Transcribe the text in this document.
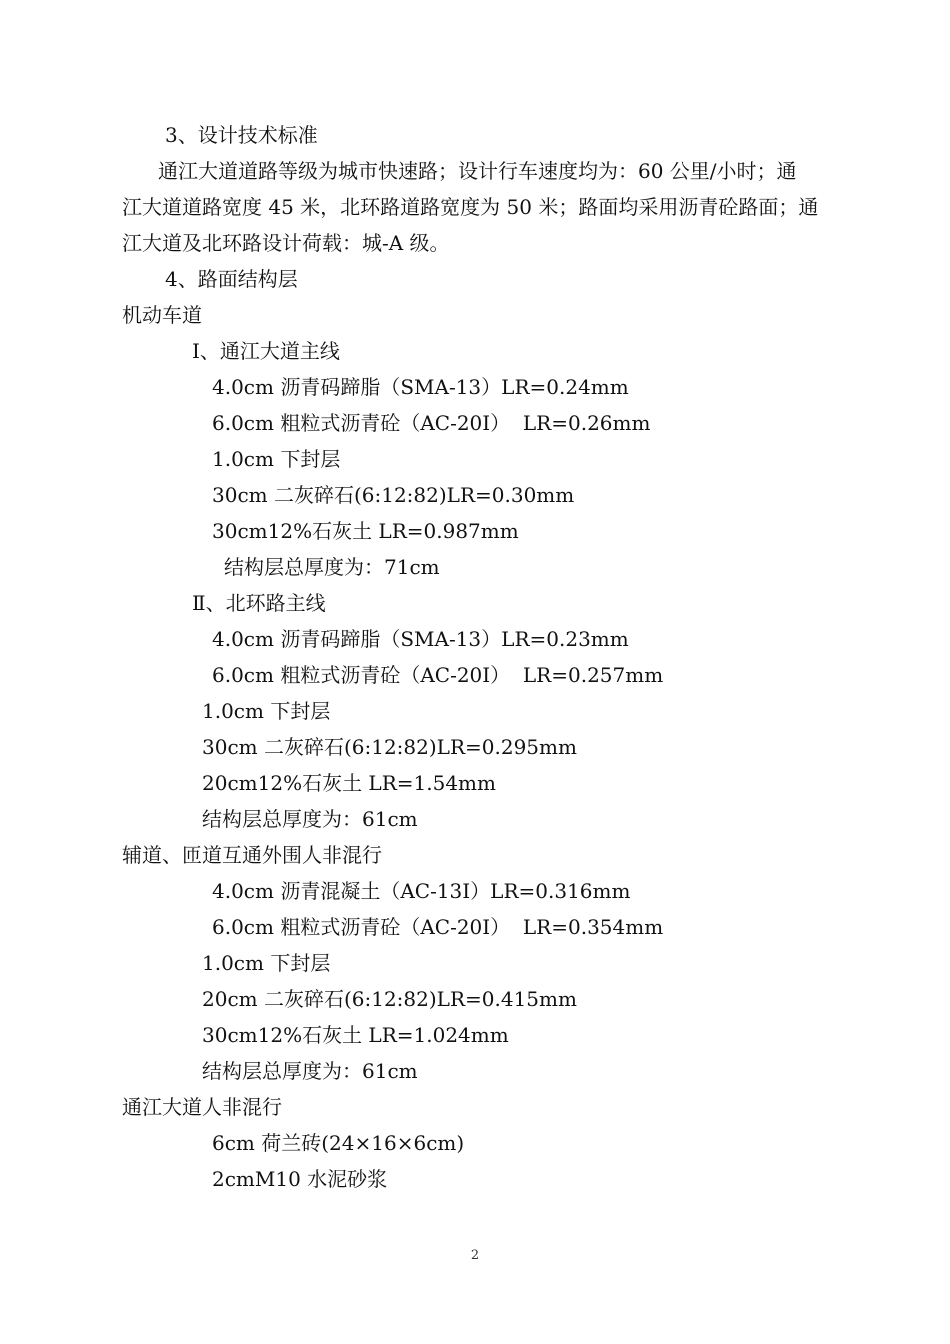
3、设计技术标准
通江大道道路等级为城市快速路；设计行车速度均为：60 公里/小时；通
江大道道路宽度 45 米，北环路道路宽度为 50 米；路面均采用沥青砼路面；通
江大道及北环路设计荷载：城-A 级。
4、路面结构层
机动车道
Ⅰ、通江大道主线
4.0cm 沥青码蹄脂（SMA-13）LR=0.24mm
6.0cm 粗粒式沥青砼（AC-20I）  LR=0.26mm
1.0cm 下封层
30cm 二灰碎石(6:12:82)LR=0.30mm
30cm12%石灰土 LR=0.987mm
结构层总厚度为：71cm
Ⅱ、北环路主线
4.0cm 沥青码蹄脂（SMA-13）LR=0.23mm
6.0cm 粗粒式沥青砼（AC-20I）  LR=0.257mm
1.0cm 下封层
30cm 二灰碎石(6:12:82)LR=0.295mm
20cm12%石灰土 LR=1.54mm
结构层总厚度为：61cm
辅道、匝道互通外围人非混行
4.0cm 沥青混凝土（AC-13I）LR=0.316mm
6.0cm 粗粒式沥青砼（AC-20I）  LR=0.354mm
1.0cm 下封层
20cm 二灰碎石(6:12:82)LR=0.415mm
30cm12%石灰土 LR=1.024mm
结构层总厚度为：61cm
通江大道人非混行
6cm 荷兰砖(24×16×6cm)
2cmM10 水泥砂浆
2
